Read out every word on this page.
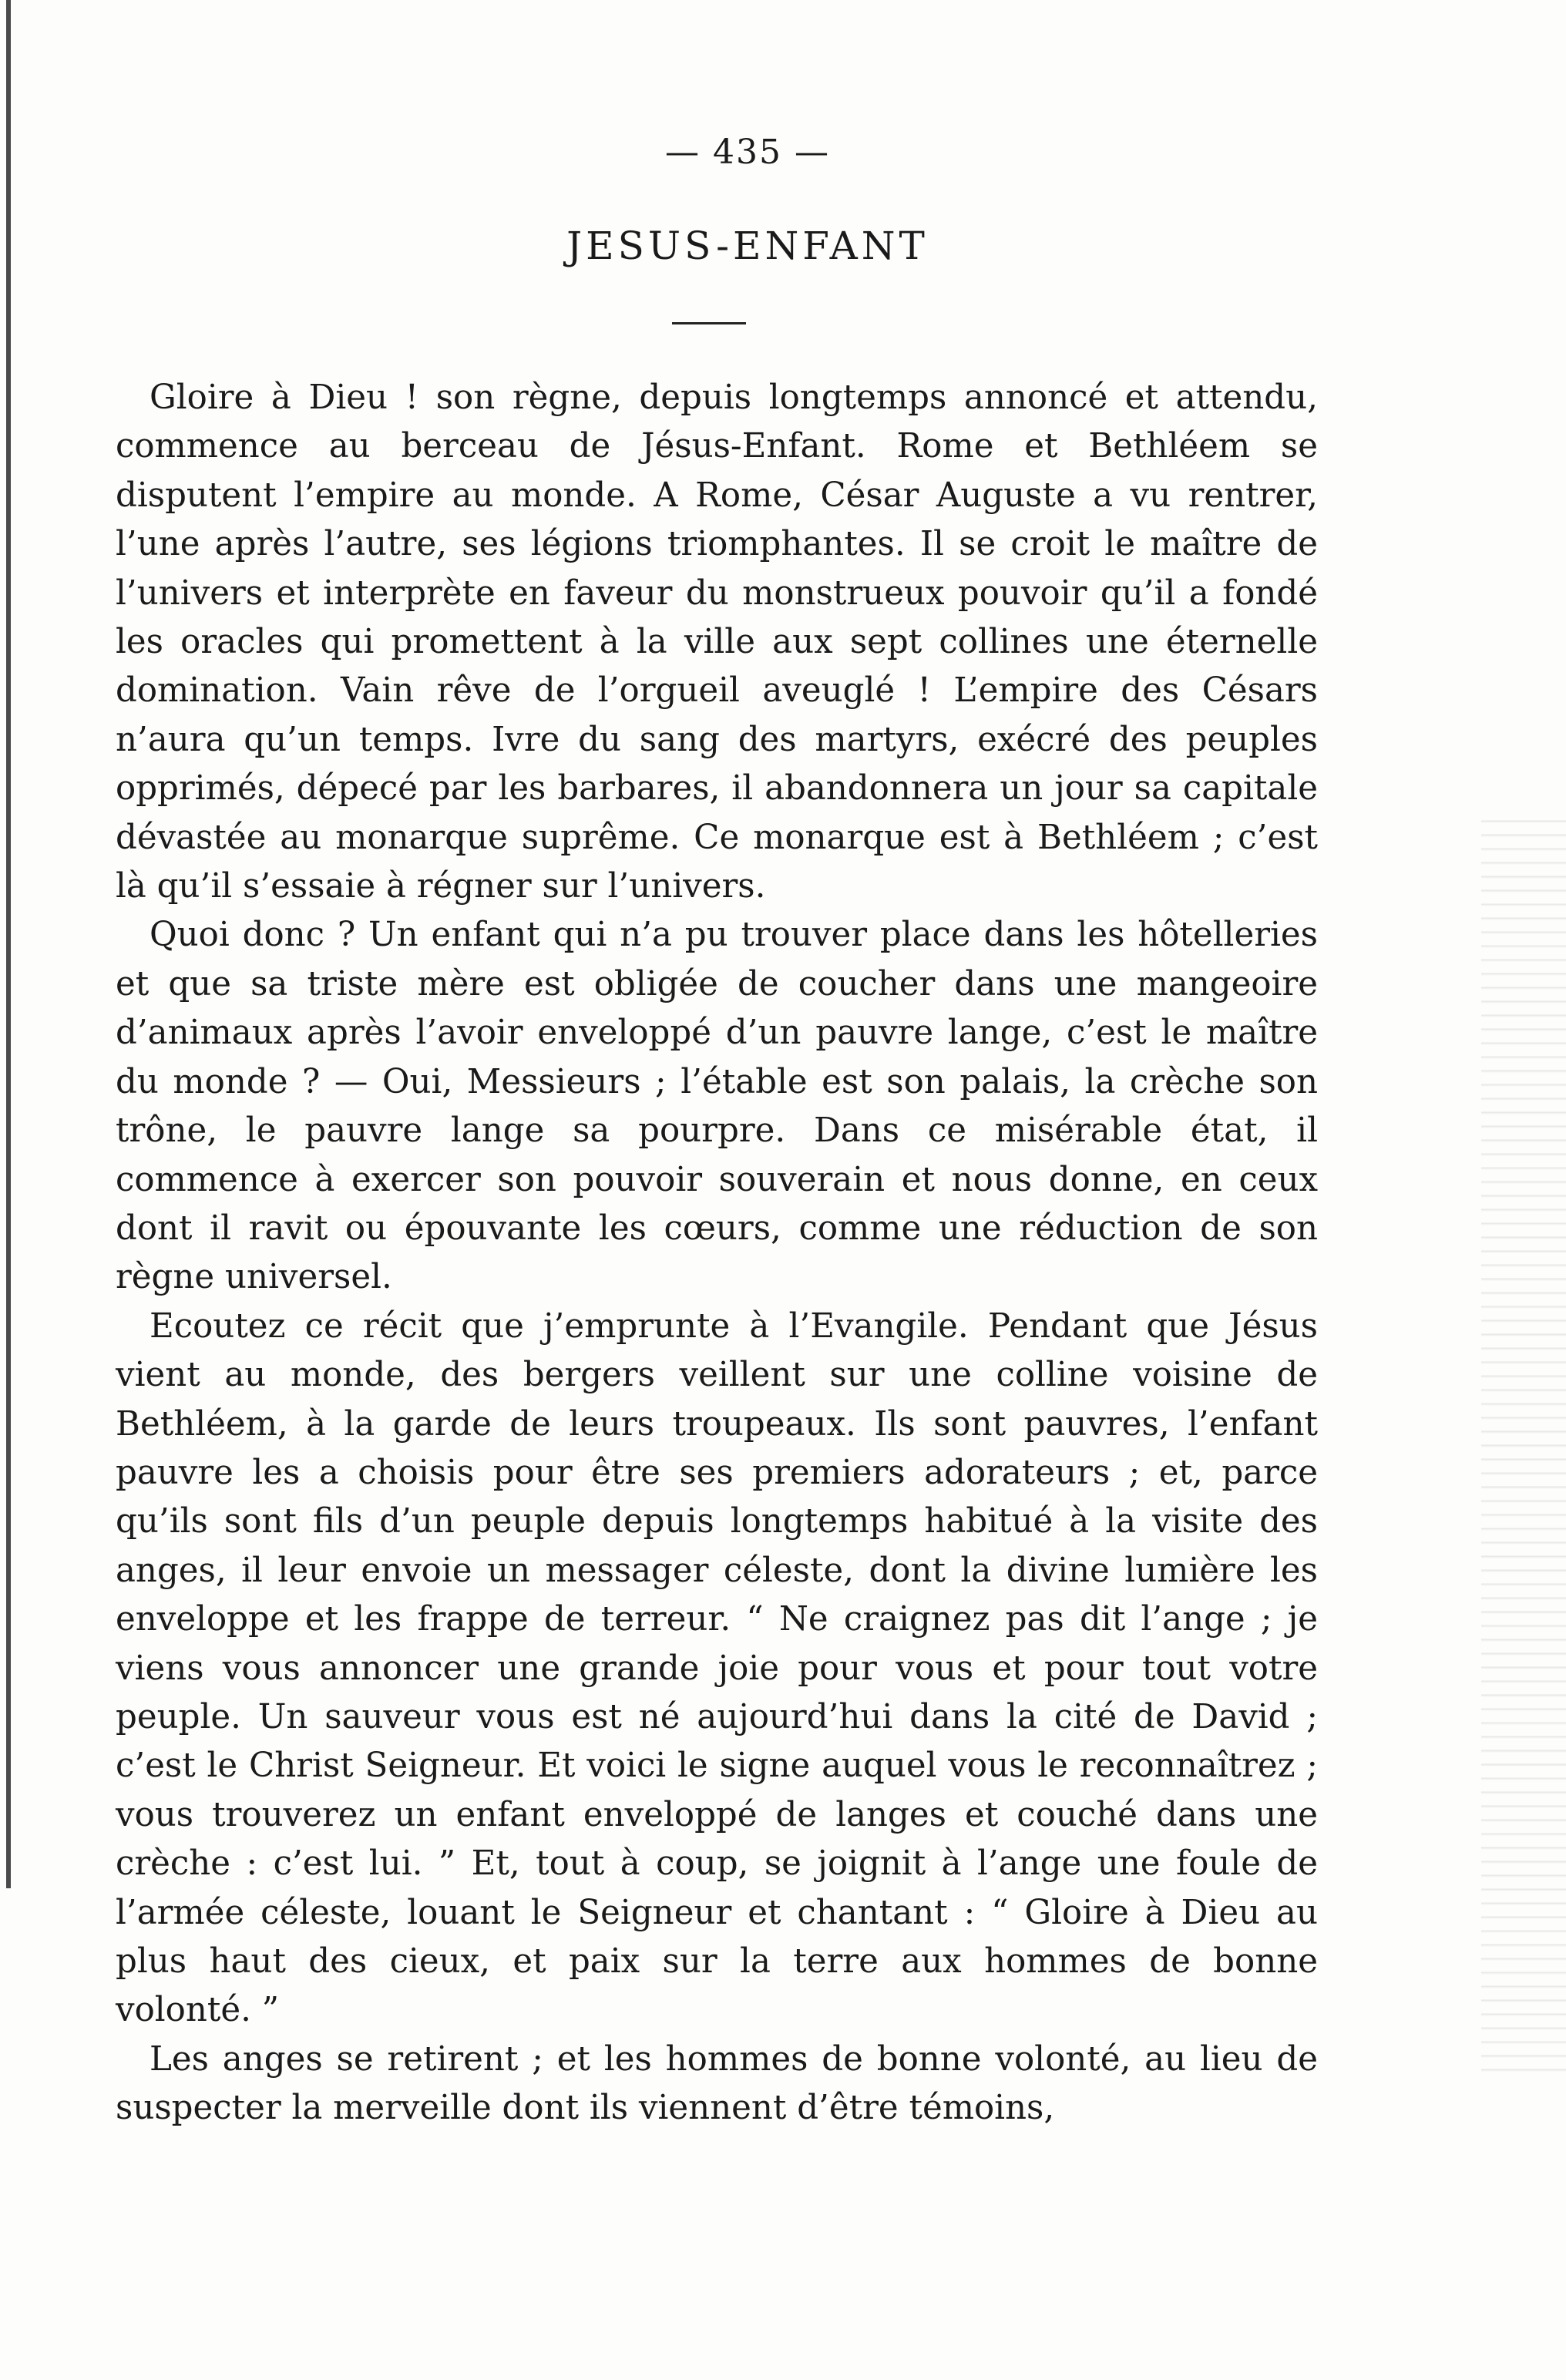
— 435 —
JESUS-ENFANT

Gloire à Dieu ! son règne, depuis longtemps annoncé et attendu, commence au berceau de Jésus-Enfant. Rome et Bethléem se disputent l’empire au monde. A Rome, César Auguste a vu rentrer, l’une après l’autre, ses légions triomphantes. Il se croit le maître de l’univers et interprète en faveur du monstrueux pouvoir qu’il a fondé les oracles qui promettent à la ville aux sept collines une éternelle domination. Vain rêve de l’orgueil aveuglé ! L’empire des Césars n’aura qu’un temps. Ivre du sang des martyrs, exécré des peuples opprimés, dépecé par les barbares, il abandonnera un jour sa capitale dévastée au monarque suprême. Ce monarque est à Bethléem ; c’est là qu’il s’essaie à régner sur l’univers.

Quoi donc ? Un enfant qui n’a pu trouver place dans les hôtelleries et que sa triste mère est obligée de coucher dans une mangeoire d’animaux après l’avoir enveloppé d’un pauvre lange, c’est le maître du monde ? — Oui, Messieurs ; l’étable est son palais, la crèche son trône, le pauvre lange sa pourpre. Dans ce misérable état, il commence à exercer son pouvoir souverain et nous donne, en ceux dont il ravit ou épouvante les cœurs, comme une réduction de son règne universel.

Ecoutez ce récit que j’emprunte à l’Evangile. Pendant que Jésus vient au monde, des bergers veillent sur une colline voisine de Bethléem, à la garde de leurs troupeaux. Ils sont pauvres, l’enfant pauvre les a choisis pour être ses premiers adorateurs ; et, parce qu’ils sont fils d’un peuple depuis longtemps habitué à la visite des anges, il leur envoie un messager céleste, dont la divine lumière les enveloppe et les frappe de terreur. “ Ne craignez pas dit l’ange ; je viens vous annoncer une grande joie pour vous et pour tout votre peuple. Un sauveur vous est né aujourd’hui dans la cité de David ; c’est le Christ Seigneur. Et voici le signe auquel vous le reconnaîtrez ; vous trouverez un enfant enveloppé de langes et couché dans une crèche : c’est lui. ” Et, tout à coup, se joignit à l’ange une foule de l’armée céleste, louant le Seigneur et chantant : “ Gloire à Dieu au plus haut des cieux, et paix sur la terre aux hommes de bonne volonté. ”

Les anges se retirent ; et les hommes de bonne volonté, au lieu de suspecter la merveille dont ils viennent d’être témoins,
